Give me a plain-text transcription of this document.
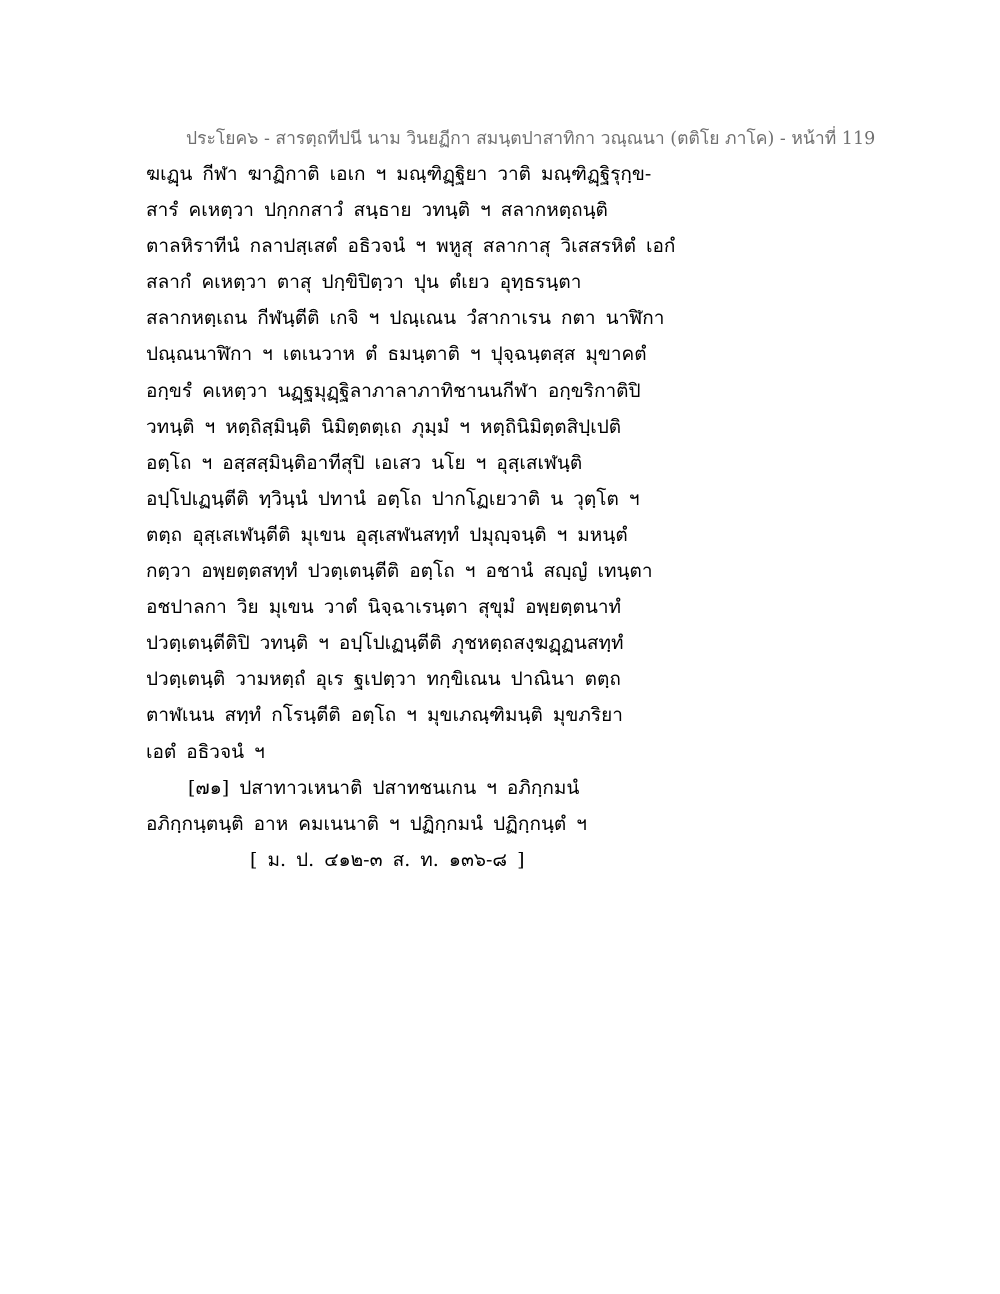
ประโยค๖ - สารตฺถทีปนี นาม วินยฏีกา สมนฺตปาสาทิกา วณฺณนา (ตติโย ภาโค) - หน้าที่ 119
ฆเฏฺน กีฬา ฆาฏิกาติ เอเก ฯ มณฺฑิฏฺฐิยา วาติ มณฺฑิฏฺฐิรุกฺข-
สารํ คเหตฺวา ปกฺกกสาวํ สนฺธาย วทนฺติ ฯ สลากหตฺถนฺติ
ตาลหิราทีนํ กลาปสฺเสตํ อธิวจนํ ฯ พหูสุ สลากาสุ วิเสสรหิตํ เอกํ
สลากํ คเหตฺวา ตาสุ ปกฺขิปิตฺวา ปุน ตํเยว อุทฺธรนฺตา
สลากหตฺเถน กีฬนฺตีติ เกจิ ฯ ปณฺเณน วํสากาเรน กตา นาฬิกา
ปณฺณนาฬิกา ฯ เตเนวาห ตํ ธมนฺตาติ ฯ ปุจฺฉนฺตสฺส มุขาคตํ
อกฺขรํ คเหตฺวา นฏฺฐมุฏฺฐิลาภาลาภาทิชานนกีฬา อกฺขริกาติปิ
วทนฺติ ฯ หตฺถิสฺมินฺติ นิมิตฺตตฺเถ ภุมฺมํ ฯ หตฺถินิมิตฺตสิปฺเปติ
อตฺโถ ฯ อสฺสสฺมินฺติอาทีสุปิ เอเสว นโย ฯ อุสฺเสเฬนฺติ
อปฺโปเฏนฺตีติ ทฺวินฺนํ ปทานํ อตฺโถ ปากโฏเยวาติ น วุตฺโต ฯ
ตตฺถ อุสฺเสเฬนฺตีติ มุเขน อุสฺเสฬนสทฺทํ ปมุญฺจนฺติ ฯ มหนฺตํ
กตฺวา อพฺยตฺตสทฺทํ ปวตฺเตนฺตีติ อตฺโถ ฯ อชานํ สญฺญํ เทนฺตา
อชปาลกา วิย มุเขน วาตํ นิจฺฉาเรนฺตา สุขุมํ อพฺยตฺตนาทํ
ปวตฺเตนฺตีติปิ วทนฺติ ฯ อปฺโปเฏนฺตีติ ภุชหตฺถสงฺฆฏฺฏนสทฺทํ
ปวตฺเตนฺติ วามหตฺถํ อุเร ฐเปตฺวา ทกฺขิเณน ปาณินา ตตฺถ
ตาฬเนน สทฺทํ กโรนฺตีติ อตฺโถ ฯ มุขเภณฺฑิมนฺติ มุขภริยา
เอตํ อธิวจนํ ฯ
[๗๑] ปสาทาวเหนาติ ปสาทชนเกน ฯ อภิกฺกมนํ
อภิกฺกนฺตนฺติ อาห คมเนนาติ ฯ ปฏิกฺกมนํ ปฏิกฺกนฺตํ ฯ
[ ม. ป. ๔๑๒-๓ ส. ท. ๑๓๖-๘ ]
